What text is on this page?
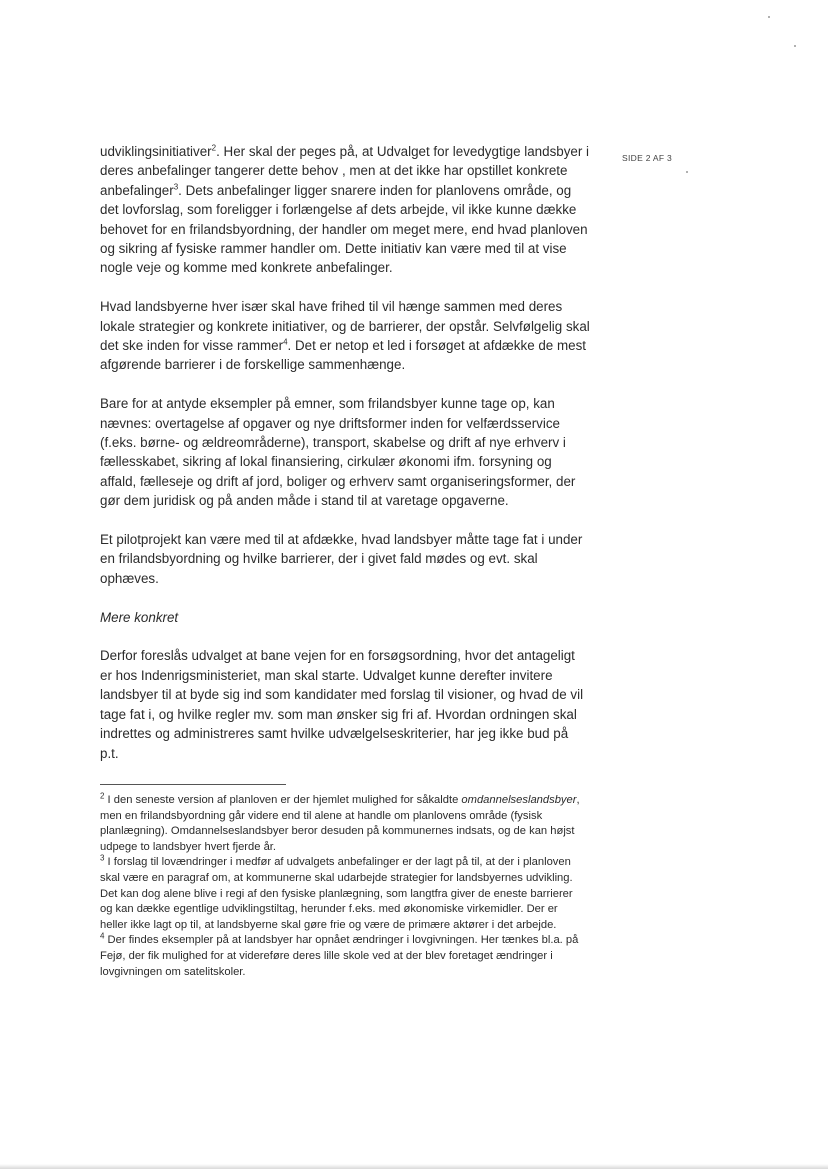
SIDE 2 AF 3

udviklingsinitiativer$^2$. Her skal der peges på, at Udvalget for levedygtige landsbyer i deres anbefalinger tangerer dette behov , men at det ikke har opstillet konkrete anbefalinger$^3$. Dets anbefalinger ligger snarere inden for planlovens område, og det lovforslag, som foreligger i forlængelse af dets arbejde, vil ikke kunne dække behovet for en frilandsbyordning, der handler om meget mere, end hvad planloven og sikring af fysiske rammer handler om. Dette initiativ kan være med til at vise nogle veje og komme med konkrete anbefalinger.

Hvad landsbyerne hver især skal have frihed til vil hænge sammen med deres lokale strategier og konkrete initiativer, og de barrierer, der opstår. Selvfølgelig skal det ske inden for visse rammer$^4$. Det er netop et led i forsøget at afdække de mest afgørende barrierer i de forskellige sammenhænge.

Bare for at antyde eksempler på emner, som frilandsbyer kunne tage op, kan nævnes: overtagelse af opgaver og nye driftsformer inden for velfærdsservice (f.eks. børne- og ældreområderne), transport, skabelse og drift af nye erhverv i fællesskabet, sikring af lokal finansiering, cirkulær økonomi ifm. forsyning og affald, fælleseje og drift af jord, boliger og erhverv samt organiseringsformer, der gør dem juridisk og på anden måde i stand til at varetage opgaverne.

Et pilotprojekt kan være med til at afdække, hvad landsbyer måtte tage fat i under en frilandsbyordning og hvilke barrierer, der i givet fald mødes og evt. skal ophæves.

Mere konkret

Derfor foreslås udvalget at bane vejen for en forsøgsordning, hvor det antageligt er hos Indenrigsministeriet, man skal starte. Udvalget kunne derefter invitere landsbyer til at byde sig ind som kandidater med forslag til visioner, og hvad de vil tage fat i, og hvilke regler mv. som man ønsker sig fri af. Hvordan ordningen skal indrettes og administreres samt hvilke udvælgelseskriterier, har jeg ikke bud på p.t.

$^2$ I den seneste version af planloven er der hjemlet mulighed for såkaldte omdannelseslandsbyer, men en frilandsbyordning går videre end til alene at handle om planlovens område (fysisk planlægning). Omdannelseslandsbyer beror desuden på kommunernes indsats, og de kan højst udpege to landsbyer hvert fjerde år.

$^3$ I forslag til lovændringer i medfør af udvalgets anbefalinger er der lagt på til, at der i planloven skal være en paragraf om, at kommunerne skal udarbejde strategier for landsbyernes udvikling. Det kan dog alene blive i regi af den fysiske planlægning, som langtfra giver de eneste barrierer og kan dække egentlige udviklingstiltag, herunder f.eks. med økonomiske virkemidler. Der er heller ikke lagt op til, at landsbyerne skal gøre frie og være de primære aktører i det arbejde.

$^4$ Der findes eksempler på at landsbyer har opnået ændringer i lovgivningen. Her tænkes bl.a. på Fejø, der fik mulighed for at videreføre deres lille skole ved at der blev foretaget ændringer i lovgivningen om satelitskoler.
